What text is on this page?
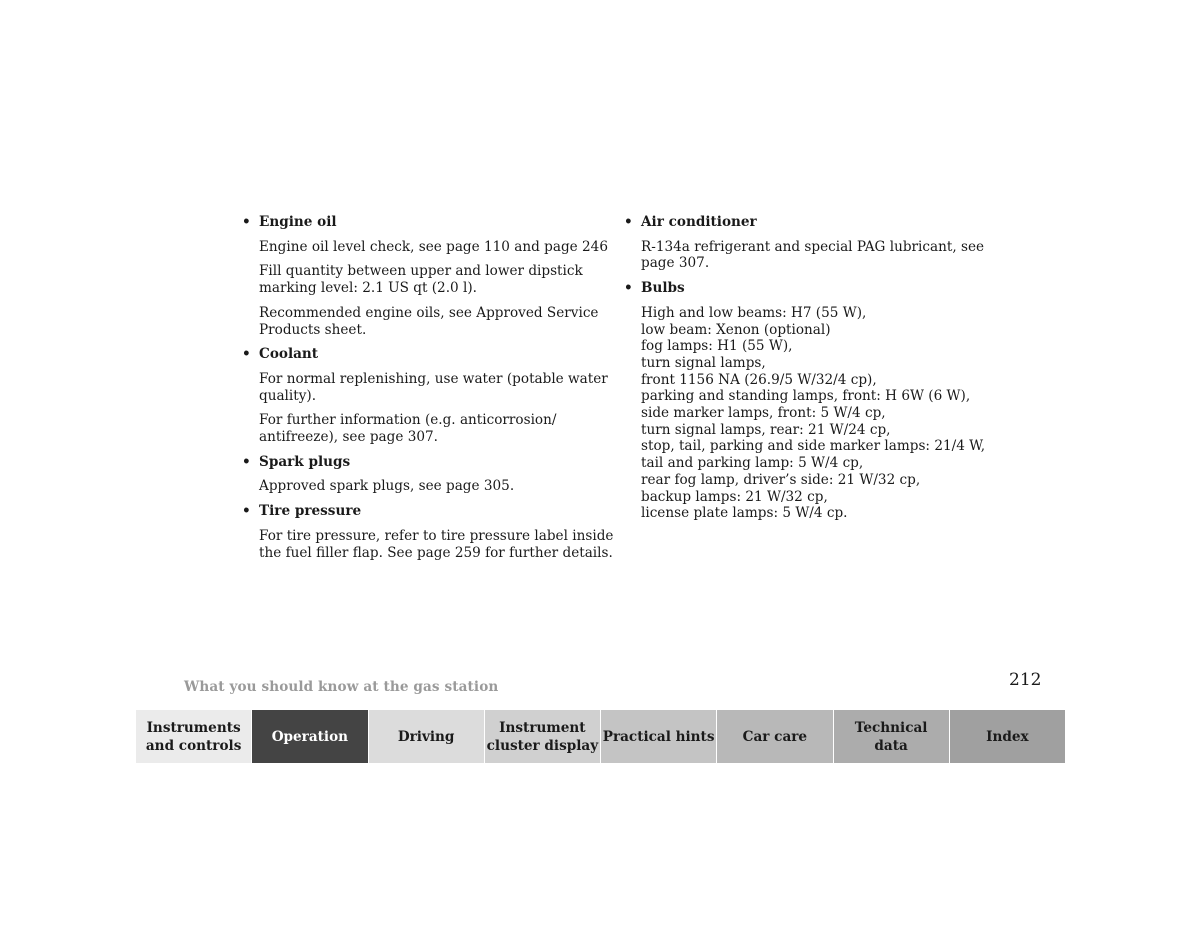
• Engine oil
Engine oil level check, see page 110 and page 246
Fill quantity between upper and lower dipstick
marking level: 2.1 US qt (2.0 l).
Recommended engine oils, see Approved Service
Products sheet.
• Coolant
For normal replenishing, use water (potable water
quality).
For further information (e.g. anticorrosion/
antifreeze), see page 307.
• Spark plugs
Approved spark plugs, see page 305.
• Tire pressure
For tire pressure, refer to tire pressure label inside
the fuel filler flap. See page 259 for further details.
• Air conditioner
R-134a refrigerant and special PAG lubricant, see
page 307.
• Bulbs
High and low beams: H7 (55 W),
low beam: Xenon (optional)
fog lamps: H1 (55 W),
turn signal lamps,
front 1156 NA (26.9/5 W/32/4 cp),
parking and standing lamps, front: H 6W (6 W),
side marker lamps, front: 5 W/4 cp,
turn signal lamps, rear: 21 W/24 cp,
stop, tail, parking and side marker lamps: 21/4 W,
tail and parking lamp: 5 W/4 cp,
rear fog lamp, driver’s side: 21 W/32 cp,
backup lamps: 21 W/32 cp,
license plate lamps: 5 W/4 cp.
What you should know at the gas station	212
Instruments
and controls
Operation	Driving
Instrument
cluster display
Practical hints Car care
Technical
data
Index
